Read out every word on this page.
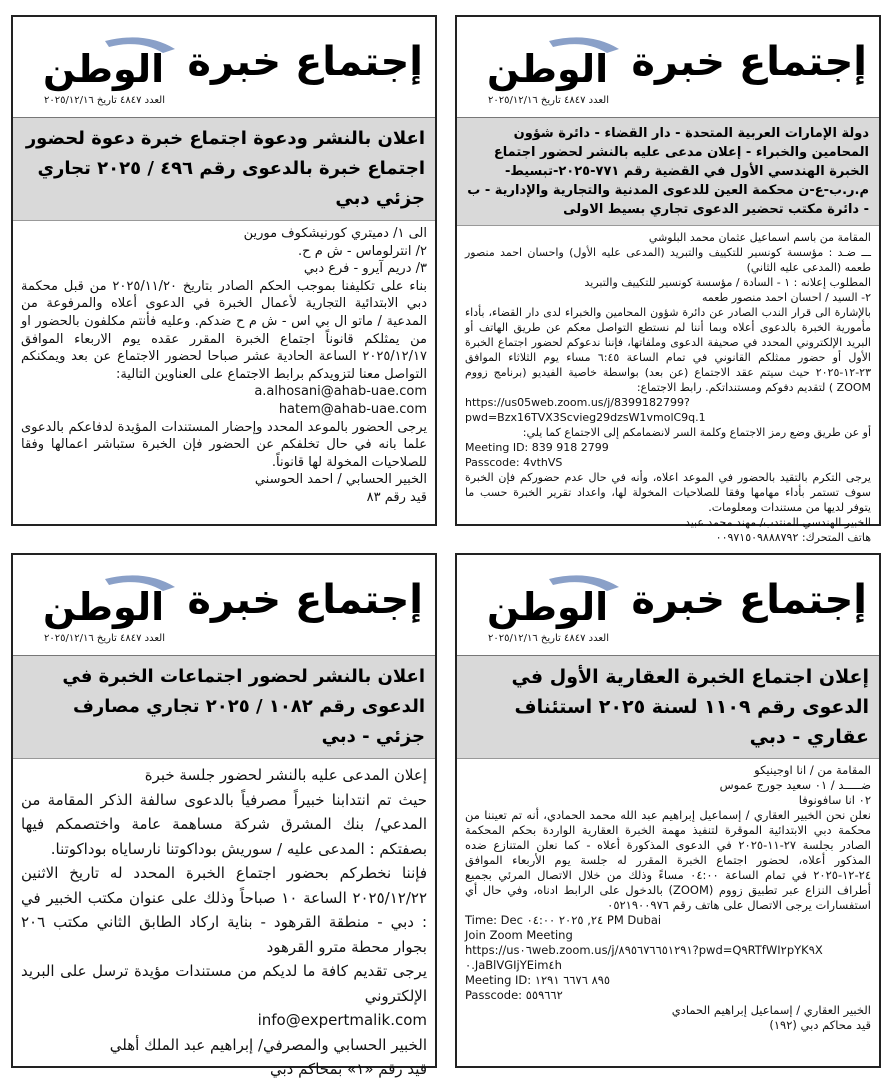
إجتماع خبرة
الوطن
العدد ٤٨٤٧ تاريخ ٢٠٢٥/١٢/١٦
دولة الإمارات العربية المتحدة - دار القضاء - دائرة شؤون المحامين والخبراء - إعلان مدعى عليه بالنشر لحضور اجتماع الخبرة الهندسي الأول في القضية رقم ٧٧١-٢٠٢٥-تبسيط-م.ر.ب-ع-ن محكمة العين للدعوى المدنية والتجارية والإدارية - ب - دائرة مكتب تحضير الدعوى تجاري بسيط الاولى

المقامة من باسم اسماعيل عثمان محمد البلوشي

ـــ ضـد : مؤسسة كونسير للتكييف والتبريد (المدعى عليه الأول) واحسان احمد منصور طعمه (المدعى عليه الثاني)

المطلوب إعلانه : ١ - السادة / مؤسسة كونسير للتكييف والتبريد

٢- السيد / احسان احمد منصور طعمه

بالإشارة الى قرار الندب الصادر عن دائرة شؤون المحامين والخبراء لدى دار القضاء، بأداء مأمورية الخبرة بالدعوى أعلاه وبما أننا لم نستطع التواصل معكم عن طريق الهاتف أو البريد الإلكتروني المحدد في صحيفة الدعوى وملفاتها، فإننا ندعوكم لحضور اجتماع الخبرة الأول أو حضور ممثلكم القانوني في تمام الساعة ٦:٤٥ مساء يوم الثلاثاء الموافق ٢٣-١٢-٢٠٢٥ حيث سيتم عقد الاجتماع (عن بعد) بواسطة خاصية الفيديو (برنامج زووم ZOOM ) لتقديم دفوكم ومستنداتكم. رابط الاجتماع:

https://us05web.zoom.us/j/8399182799?pwd=Bzx16TVX3Scvieg29dzsW1vmolC9q.1

أو عن طريق وضع رمز الاجتماع وكلمة السر لانضمامكم إلى الاجتماع كما يلي:

Meeting ID: 839 918 2799

Passcode: 4vthVS

يرجى التكرم بالتقيد بالحضور في الموعد اعلاه، وأنه في حال عدم حضوركم فإن الخبرة سوف تستمر بأداء مهامها وفقا للصلاحيات المخولة لها، واعداد تقرير الخبرة حسب ما يتوفر لديها من مستندات ومعلومات.

الخبير الهندسي المنتدب/ مهند محمد عبيد

هاتف المتحرك: ٠٠٩٧١٥٠٩٨٨٨٧٩٢

إجتماع خبرة
الوطن
العدد ٤٨٤٧ تاريخ ٢٠٢٥/١٢/١٦
اعلان بالنشر ودعوة اجتماع خبرة دعوة لحضور اجتماع خبرة بالدعوى رقم ٤٩٦ / ٢٠٢٥ تجاري جزئي دبي

الى ١/ دميتري كورنيشكوف مورين

٢/ انترلوماس - ش م ح.

٣/ دريم آيرو - فرع دبي

بناء على تكليفنا بموجب الحكم الصادر بتاريخ ٢٠٢٥/١١/٢٠ من قبل محكمة دبي الابتدائية التجارية لأعمال الخبرة في الدعوى أعلاه والمرفوعة من المدعية / ماتو ال بي اس - ش م ح ضدكم. وعليه فأنتم مكلفون بالحضور او من يمثلكم قانوناً اجتماع الخبرة المقرر عقده يوم الاربعاء الموافق ٢٠٢٥/١٢/١٧ الساعة الحادية عشر صباحا لحضور الاجتماع عن بعد ويمكنكم التواصل معنا لتزويدكم برابط الاجتماع على العناوين التالية:

a.alhosani@ahab-uae.com

hatem@ahab-uae.com

يرجى الحضور بالموعد المحدد وإحضار المستندات المؤيدة لدفاعكم بالدعوى علما بانه في حال تخلفكم عن الحضور فإن الخبرة ستباشر اعمالها وفقا للصلاحيات المخولة لها قانوناً.

الخبير الحسابي / احمد الحوسني

قيد رقم ٨٣

إجتماع خبرة
الوطن
العدد ٤٨٤٧ تاريخ ٢٠٢٥/١٢/١٦
إعلان اجتماع الخبرة العقارية الأول في الدعوى رقم ١١٠٩ لسنة ٢٠٢٥ استئناف عقاري - دبي

المقامة من / انا اوجينيكو

ضـــــد / ٠١ سعيد جورج عموس

٠٢ انا سافونوفا

نعلن نحن الخبير العقاري / إسماعيل إبراهيم عبد الله محمد الحمادي، أنه تم تعيننا من محكمة دبي الابتدائية الموقرة لتنفيذ مهمة الخبرة العقارية الواردة بحكم المحكمة الصادر بجلسة ٢٧-١١-٢٠٢٥ في الدعوى المذكورة أعلاه - كما نعلن المتنازع ضده المذكور أعلاه، لحضور اجتماع الخبرة المقرر له جلسة يوم الأربعاء الموافق ٢٤-١٢-٢٠٢٥ في تمام الساعة ٠٤:٠٠ مساءً وذلك من خلال الاتصال المرئي بجميع أطراف النزاع عبر تطبيق زووم (ZOOM) بالدخول على الرابط ادناه، وفي حال أي استفسارات يرجى الاتصال على هاتف رقم ٠٥٢١٩٠٠٩٧٦

Time: Dec ٢٤, ٢٠٢٥ ٠٤:٠٠ PM Dubai

Join Zoom Meeting

https://us٠٦web.zoom.us/j/٨٩٥٦٧٦٦٥١٢٩١?pwd=Q٩RTfWI٢pYK٩X ٠.JaBlVGIjYEim٤h

Meeting ID: ٨٩٥ ٦٦٧٦ ١٢٩١

Passcode: ٥٥٩٦٦٢

الخبير العقاري / إسماعيل إبراهيم الحمادي

قيد محاكم دبي (١٩٢)

إجتماع خبرة
الوطن
العدد ٤٨٤٧ تاريخ ٢٠٢٥/١٢/١٦
اعلان بالنشر لحضور اجتماعات الخبرة في الدعوى رقم ١٠٨٢ / ٢٠٢٥ تجاري مصارف جزئي - دبي

إعلان المدعى عليه بالنشر لحضور جلسة خبرة

حيث تم انتدابنا خبيراً مصرفياً بالدعوى سالفة الذكر المقامة من المدعي/ بنك المشرق شركة مساهمة عامة واختصمكم فيها بصفتكم : المدعى عليه / سوريش بوداكوتنا نارساياه بوداكوتنا.

فإننا نخطركم بحضور اجتماع الخبرة المحدد له تاريخ الاثنين ٢٠٢٥/١٢/٢٢ الساعة ١٠ صباحاً وذلك على عنوان مكتب الخبير في : دبي - منطقة القرهود - بناية اركاد الطابق الثاني مكتب ٢٠٦ بجوار محطة مترو القرهود

يرجى تقديم كافة ما لديكم من مستندات مؤيدة ترسل على البريد الإلكتروني

info@expertmalik.com

الخبير الحسابي والمصرفي/ إبراهيم عبد الملك أهلي

قيد رقم «١» بمحاكم دبي
